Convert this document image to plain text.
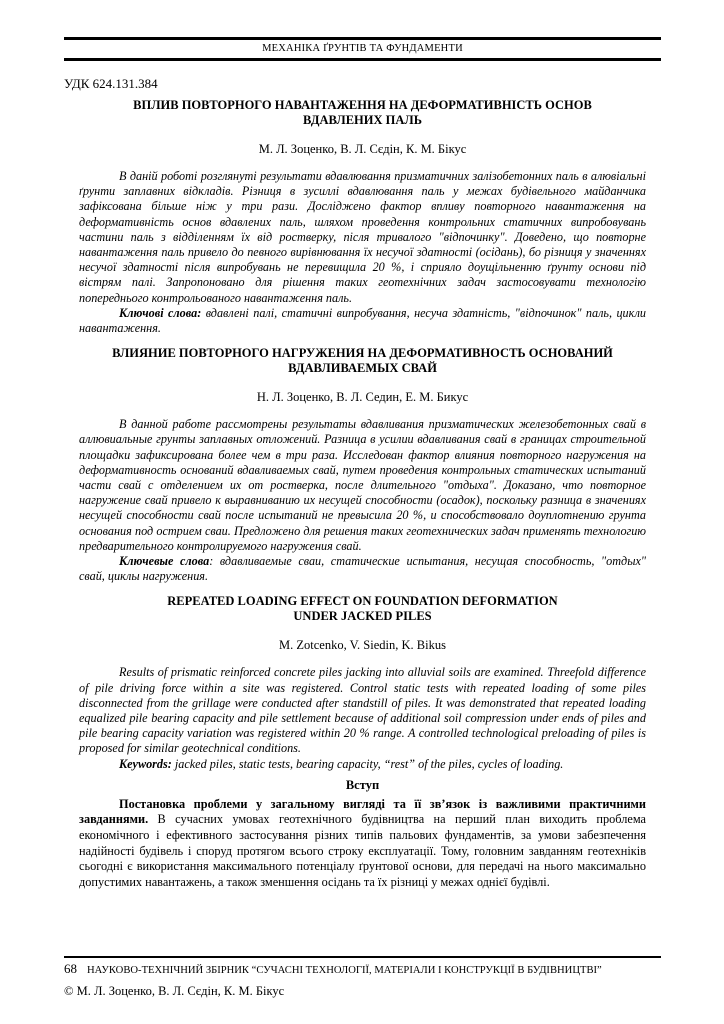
МЕХАНІКА ҐРУНТІВ ТА ФУНДАМЕНТИ
УДК 624.131.384

ВПЛИВ ПОВТОРНОГО НАВАНТАЖЕННЯ НА ДЕФОРМАТИВНІСТЬ ОСНОВ
ВДАВЛЕНИХ ПАЛЬ

М. Л. Зоценко, В. Л. Сєдін, К. М. Бікус

В даній роботі розглянуті результати вдавлювання призматичних залізобетонних паль в алювіальні ґрунти заплавних відкладів. Різниця в зусиллі вдавлювання паль у межах будівельного майданчика зафіксована більше ніж у три рази. Досліджено фактор впливу повторного навантаження на деформативність основ вдавлених паль, шляхом проведення контрольних статичних випробовувань частини паль з відділенням їх від ростверку, після тривалого "відпочинку". Доведено, що повторне навантаження паль привело до певного вирівнювання їх несучої здатності (осідань), бо різниця у значеннях несучої здатності після випробувань не перевищила 20 %, і сприяло доущільненню ґрунту основи під вістрям палі. Запропоновано для рішення таких геотехнічних задач застосовувати технологію попереднього контрольованого навантаження паль.

Ключові слова: вдавлені палі, статичні випробування, несуча здатність, "відпочинок" паль, цикли навантаження.

ВЛИЯНИЕ ПОВТОРНОГО НАГРУЖЕНИЯ НА ДЕФОРМАТИВНОСТЬ ОСНОВАНИЙ
ВДАВЛИВАЕМЫХ СВАЙ

Н. Л. Зоценко, В. Л. Седин, Е. М. Бикус

В данной работе рассмотрены результаты вдавливания призматических железобетонных свай в аллювиальные грунты заплавных отложений. Разница в усилии вдавливания свай в границах строительной площадки зафиксирована более чем в три раза. Исследован фактор влияния повторного нагружения на деформативность оснований вдавливаемых свай, путем проведения контрольных статических испытаний части свай с отделением их от ростверка, после длительного "отдыха". Доказано, что повторное нагружение свай привело к выравниванию их несущей способности (осадок), поскольку разница в значениях несущей способности свай после испытаний не превысила 20 %, и способствовало доуплотнению грунта основания под острием сваи. Предложено для решения таких геотехнических задач применять технологию предварительного контролируемого нагружения свай.

Ключевые слова: вдавливаемые сваи, статические испытания, несущая способность, "отдых" свай, циклы нагружения.

REPEATED LOADING EFFECT ON FOUNDATION DEFORMATION
UNDER JACKED PILES

M. Zotcenko, V. Siedin, K. Bikus

Results of prismatic reinforced concrete piles jacking into alluvial soils are examined. Threefold difference of pile driving force within a site was registered. Control static tests with repeated loading of some piles disconnected from the grillage were conducted after standstill of piles. It was demonstrated that repeated loading equalized pile bearing capacity and pile settlement because of additional soil compression under ends of piles and pile bearing capacity variation was registered within 20 % range. A controlled technological preloading of piles is proposed for similar geotechnical conditions.

Keywords: jacked piles, static tests, bearing capacity, “rest” of the piles, cycles of loading.

Вступ

Постановка проблеми у загальному вигляді та її зв’язок із важливими практичними завданнями. В сучасних умовах геотехнічного будівництва на перший план виходить проблема економічного і ефективного застосування різних типів пальових фундаментів, за умови забезпечення надійності будівель і споруд протягом всього строку експлуатації. Тому, головним завданням геотехніків сьогодні є використання максимального потенціалу ґрунтової основи, для передачі на нього максимально допустимих навантажень, а також зменшення осідань та їх різниці у межах однієї будівлі.

68 НАУКОВО-ТЕХНІЧНИЙ ЗБІРНИК “СУЧАСНІ ТЕХНОЛОГІЇ, МАТЕРІАЛИ І КОНСТРУКЦІЇ В БУДІВНИЦТВІ”
© М. Л. Зоценко, В. Л. Сєдін, К. М. Бікус
